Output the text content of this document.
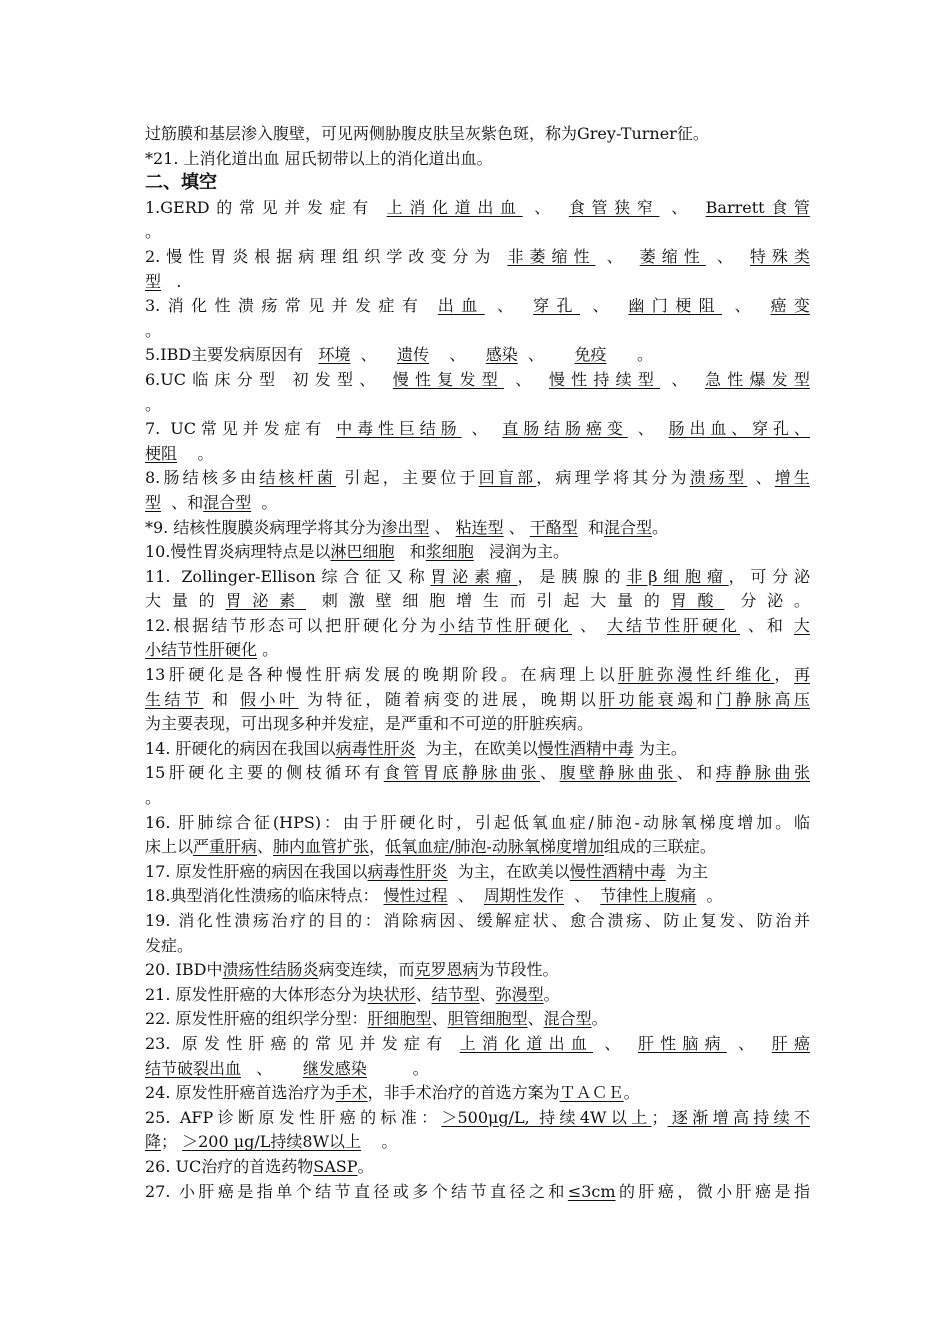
过筋膜和基层渗入腹壁，可见两侧胁腹皮肤呈灰紫色斑，称为Grey-Turner征。
*21. 上消化道出血 屈氏韧带以上的消化道出血。
二、填空
1.GERD的常见并发症有 上消化道出血 、 食管狭窄 、 Barrett食管
。
2.慢性胃炎根据病理组织学改变分为 非萎缩性 、 萎缩性 、 特殊类
型 .
3.消化性溃疡常见并发症有 出血 、 穿孔 、 幽门梗阻 、 癌变
。
5.IBD主要发病原因有 环境 、 遗传 、 感染 、 免疫 。
6.UC临床分型 初发型、 慢性复发型 、 慢性持续型 、 急性爆发型
。
7. UC常见并发症有 中毒性巨结肠 、 直肠结肠癌变 、 肠出血、穿孔、
梗阻 。
8.肠结核多由结核杆菌 引起，主要位于回盲部，病理学将其分为溃疡型 、增生
型 、和混合型 。
*9. 结核性腹膜炎病理学将其分为渗出型 、 粘连型 、 干酪型 和混合型。
10.慢性胃炎病理特点是以淋巴细胞 和浆细胞 浸润为主。
11. Zollinger-Ellison综合征又称胃泌素瘤，是胰腺的非β细胞瘤，可分泌
大量的胃泌素 刺激壁细胞增生而引起大量的胃酸 分泌。
12.根据结节形态可以把肝硬化分为小结节性肝硬化 、 大结节性肝硬化 、和 大
小结节性肝硬化 。
13肝硬化是各种慢性肝病发展的晚期阶段。在病理上以肝脏弥漫性纤维化，再
生结节 和 假小叶 为特征，随着病变的进展，晚期以肝功能衰竭和门静脉高压
为主要表现，可出现多种并发症，是严重和不可逆的肝脏疾病。
14. 肝硬化的病因在我国以病毒性肝炎 为主，在欧美以慢性酒精中毒 为主。
15肝硬化主要的侧枝循环有食管胃底静脉曲张、腹壁静脉曲张、和痔静脉曲张
。
16. 肝肺综合征(HPS)：由于肝硬化时，引起低氧血症/肺泡-动脉氧梯度增加。临
床上以严重肝病、肺内血管扩张，低氧血症/肺泡-动脉氧梯度增加组成的三联症。
17. 原发性肝癌的病因在我国以病毒性肝炎 为主，在欧美以慢性酒精中毒 为主
18.典型消化性溃疡的临床特点： 慢性过程 、 周期性发作 、 节律性上腹痛 。
19. 消化性溃疡治疗的目的：消除病因、缓解症状、愈合溃疡、防止复发、防治并
发症。
20. IBD中溃疡性结肠炎病变连续，而克罗恩病为节段性。
21. 原发性肝癌的大体形态分为块状形、结节型、弥漫型。
22. 原发性肝癌的组织学分型：肝细胞型、胆管细胞型、混合型。
23. 原发性肝癌的常见并发症有 上消化道出血 、 肝性脑病 、 肝癌
结节破裂出血 、 继发感染	。
24. 原发性肝癌首选治疗为手术，非手术治疗的首选方案为ＴＡＣＥ。
25. AFP诊断原发性肝癌的标准：＞500μg/L, 持续4W以上；逐渐增高持续不
降； ＞200 μg/L持续8W以上 。
26. UC治疗的首选药物SASP。
27. 小肝癌是指单个结节直径或多个结节直径之和≤3cm的肝癌，微小肝癌是指
